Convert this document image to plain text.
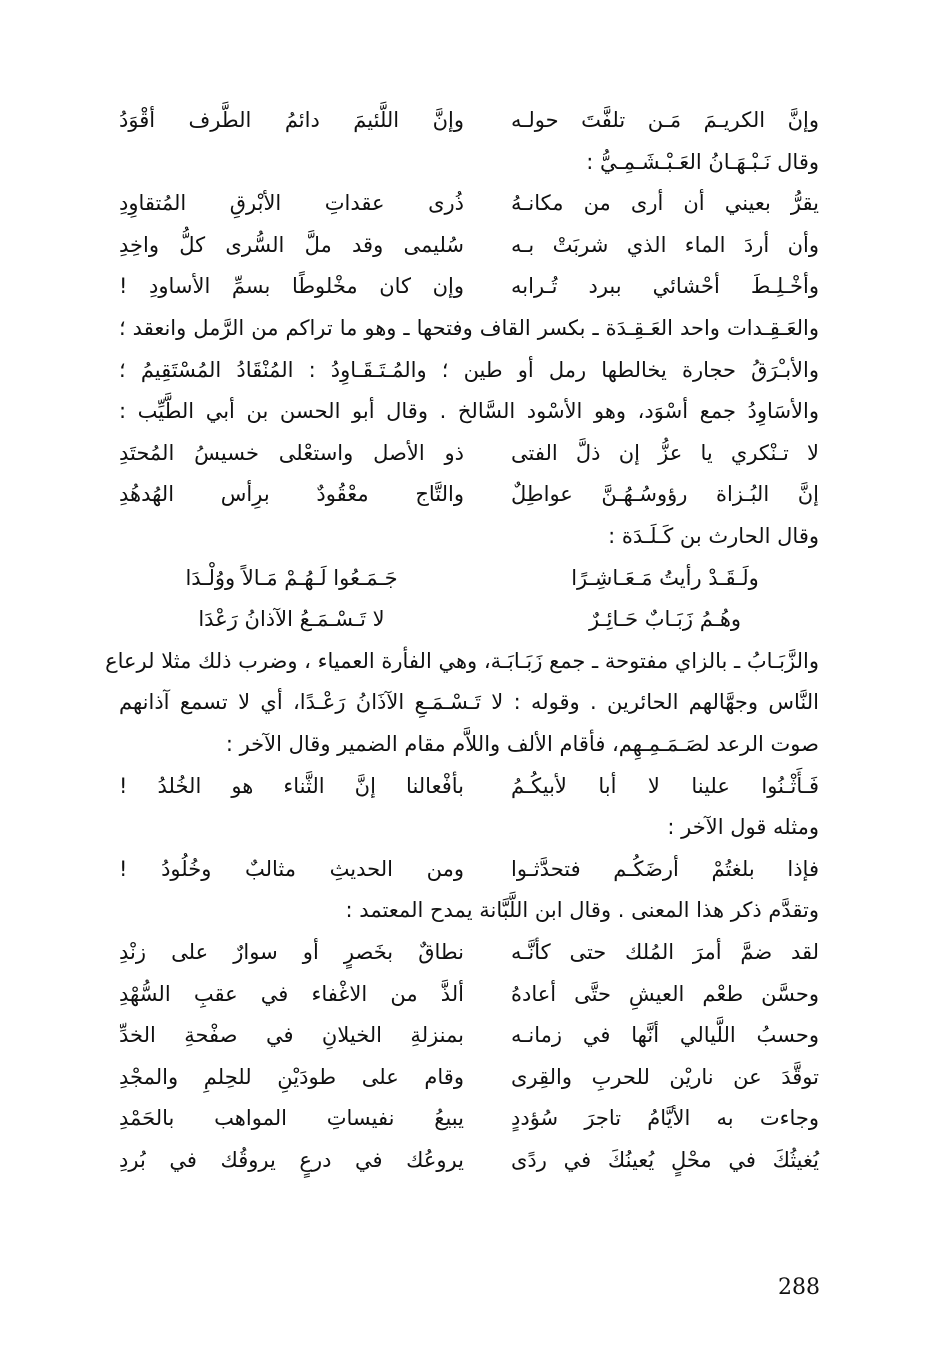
وإنَّ الكريـمَ مَـن تلفَّتَ حولـه
وإنَّ اللَّئيمَ دائمُ الطَّرف أقْوَدُ
وقال نَـبْـهَـانُ العَـبْـشَـمِـيُّ :
يقرُّ بعيني أن أرى من مكانـهُ
ذُرى عقداتِ الأبْرقِ المُتقاوِدِ
وأن أردَ الماء الذي شربَتْ بـه
سُليمى وقد ملَّ السُّرى كلُّ واخِدِ
وأخْـلِـطَ أحْشائي ببرد تُـرابه
وإن كان مخْلوطًا بسمِّ الأساودِ !
والعَـقِـدات واحد العَـقِـدَة ـ بكسر القاف وفتحها ـ وهو ما تراكم من الرَّمل وانعقد ؛
والأبـْرَقُ حجارة يخالطها رمل أو طين ؛ والمُـتَـقَـاوِدُ : المُنْقَادُ المُسْتَقِيمُ ؛
والأسَاوِدُ جمع أسْوَد، وهو الأسْود السَّالخ . وقال أبو الحسن بن أبي الطَّيِّب :
لا تـنْكري يا عزُّ إن ذلَّ الفتى
ذو الأصل واستعْلى خسيسُ المُحتَدِ
إنَّ البُـزاة رؤوسُـهُـنَّ عواطِلٌ
والتَّاج معْقُودٌ برِأس الهُدهُدِ
وقال الحارث بن كَـلَـدَة :
ولَـقَـدْ رأيتُ مَـعَـاشِـرًا
جَـمَـعُوا لَـهُـمْ مَـالاً ووُلْـدَا
وهُـمُ زَبَـابٌ حَـائِـرٌ
لا تَـسْـمَـعُ الآذانُ رَعْدَا
والزَّبَـابُ ـ بالزاي مفتوحة ـ جمع زَبَـابَـة، وهي الفأرة العمياء ، وضرب ذلك مثلا لرعاع
النَّاس وجهَّالهم الحائرين . وقوله : لا تَـسْـمَـعِ الآذَانُ رَعْـدًا، أي لا تسمع آذانهم
صوت الرعد لصَـمَـمِـهِم، فأقام الألف واللاَّم مقام الضمير وقال الآخر :
فَـأَثْـنُوا علينا لا أبا لأبيكُـمُ
بأفْعالنا إنَّ الثَّناء هو الخُلدُ !
ومثله قول الآخر :
فإذا بلغتُمْ أرضَكُـم فتحدَّثـوا
ومن الحديثِ مثالبٌ وخُلُودُ !
وتقدَّم ذكر هذا المعنى . وقال ابن اللَّبَّانة يمدح المعتمد :
لقد ضمَّ أمرَ المُلك حتى كأنَّـه
نطاقٌ بخَصرٍ أو سوارٌ على زنْدِ
وحسَّن طعْم العيشِ حتَّى أعادهُ
ألذَّ من الاغْفاء في عقبِ السُّهْدِ
وحسبُ اللَّيالي أنَّها في زمانـه
بمنزلةِ الخيلانِ في صفْحةِ الخدِّ
توقَّدَ عن ناريْن للحربِ والقِرى
وقام على طودَيْنِ للحِلمِ والمجْدِ
وجاءت به الأيَّامُ تاجرَ سُؤددٍ
يبيعُ نفيساتِ المواهب بالحَمْدِ
يُغيثُكَ في محْلٍ يُعينُكَ في ردًى
يروعُك في درعٍ يروقُك في بُردِ
288
